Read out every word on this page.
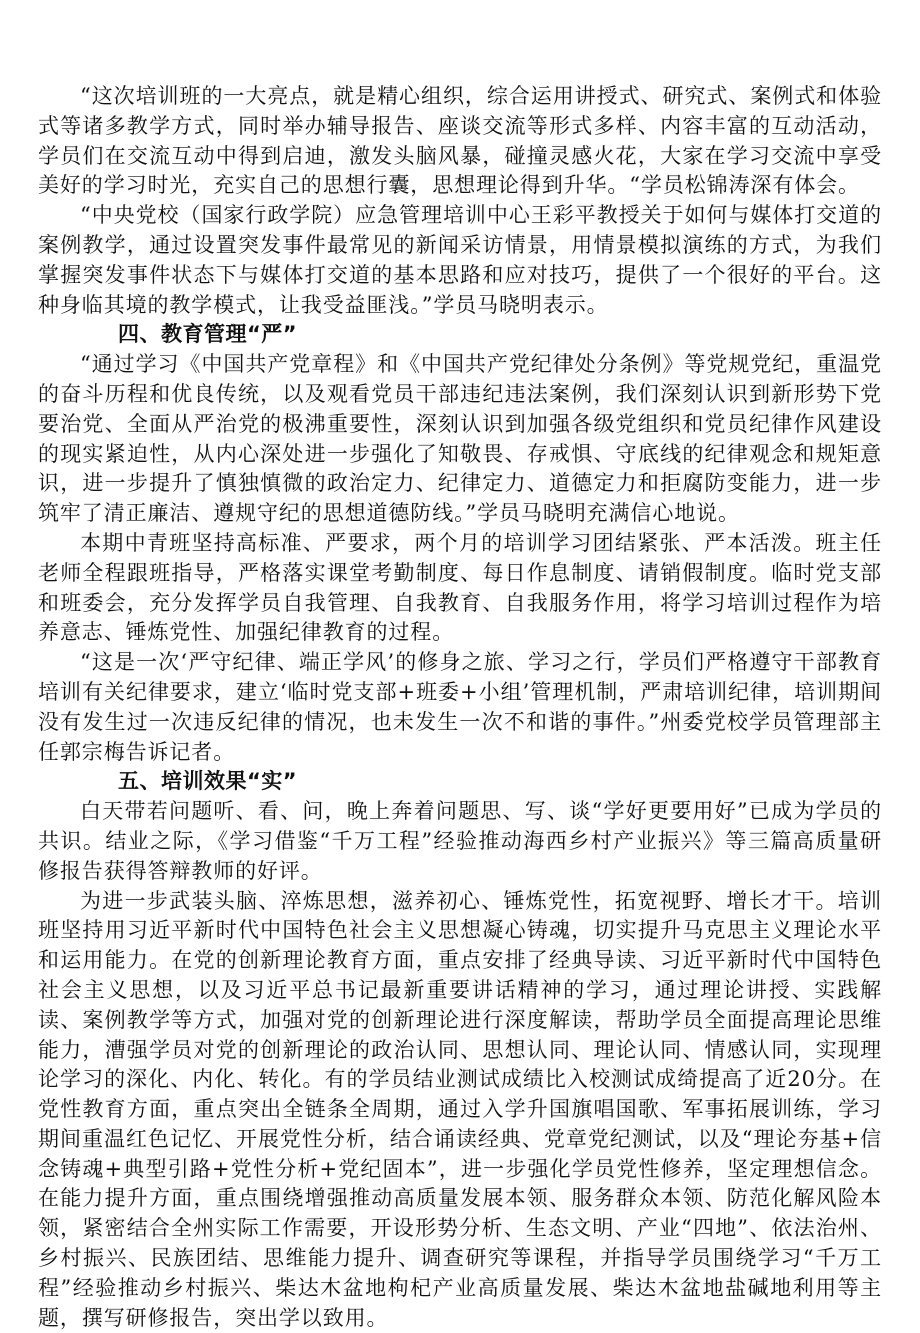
“这次培训班的一大亮点，就是精心组织，综合运用讲授式、研究式、案例式和体验式等诸多教学方式，同时举办辅导报告、座谈交流等形式多样、内容丰富的互动活动，学员们在交流互动中得到启迪，激发头脑风暴，碰撞灵感火花，大家在学习交流中享受美好的学习时光，充实自己的思想行囊，思想理论得到升华。“学员松锦涛深有体会。

“中央党校（国家行政学院）应急管理培训中心王彩平教授关于如何与媒体打交道的案例教学，通过设置突发事件最常见的新闻采访情景，用情景模拟演练的方式，为我们掌握突发事件状态下与媒体打交道的基本思路和应对技巧，提供了一个很好的平台。这种身临其境的教学模式，让我受益匪浅。”学员马晓明表示。

四、教育管理“严”

“通过学习《中国共产党章程》和《中国共产党纪律处分条例》等党规党纪，重温党的奋斗历程和优良传统，以及观看党员干部违纪违法案例，我们深刻认识到新形势下党要治党、全面从严治党的极沸重要性，深刻认识到加强各级党组织和党员纪律作风建设的现实紧迫性，从内心深处进一步强化了知敬畏、存戒惧、守底线的纪律观念和规矩意识，进一步提升了慎独慎微的政治定力、纪律定力、道德定力和拒腐防变能力，进一步筑牢了清正廉洁、遵规守纪的思想道德防线。”学员马晓明充满信心地说。

本期中青班坚持高标准、严要求，两个月的培训学习团结紧张、严本活泼。班主任老师全程跟班指导，严格落实课堂考勤制度、每日作息制度、请销假制度。临时党支部和班委会，充分发挥学员自我管理、自我教育、自我服务作用，将学习培训过程作为培养意志、锤炼党性、加强纪律教育的过程。

“这是一次‘严守纪律、端正学风’的修身之旅、学习之行，学员们严格遵守干部教育培训有关纪律要求，建立‘临时党支部+班委+小组’管理机制，严肃培训纪律，培训期间没有发生过一次违反纪律的情况，也未发生一次不和谐的事件。”州委党校学员管理部主任郭宗梅告诉记者。

五、培训效果“实”

白天带若问题听、看、问，晚上奔着问题思、写、谈“学好更要用好”已成为学员的共识。结业之际，《学习借鉴“千万工程”经验推动海西乡村产业振兴》等三篇高质量研修报告获得答辩教师的好评。

为进一步武装头脑、淬炼思想，滋养初心、锤炼党性，拓宽视野、增长才干。培训班坚持用习近平新时代中国特色社会主义思想凝心铸魂，切实提升马克思主义理论水平和运用能力。在党的创新理论教育方面，重点安排了经典导读、习近平新时代中国特色社会主义思想，以及习近平总书记最新重要讲话精神的学习，通过理论讲授、实践解读、案例教学等方式，加强对党的创新理论进行深度解读，帮助学员全面提高理论思维能力，漕强学员对党的创新理论的政治认同、思想认同、理论认同、情感认同，实现理论学习的深化、内化、转化。有的学员结业测试成绩比入校测试成绮提高了近20分。在党性教育方面，重点突出全链条全周期，通过入学升国旗唱国歌、军事拓展训练，学习期间重温红色记忆、开展党性分析，结合诵读经典、党章党纪测试，以及“理论夯基+信念铸魂+典型引路+党性分析+党纪固本”，进一步强化学员党性修养，坚定理想信念。在能力提升方面，重点围绕增强推动高质量发展本领、服务群众本领、防范化解风险本领，紧密结合全州实际工作需要，开设形势分析、生态文明、产业“四地”、依法治州、乡村振兴、民族团结、思维能力提升、调查研究等课程，并指导学员围绕学习“千万工程”经验推动乡村振兴、柴达木盆地枸杞产业高质量发展、柴达木盆地盐碱地利用等主题，撰写研修报告，突出学以致用。
